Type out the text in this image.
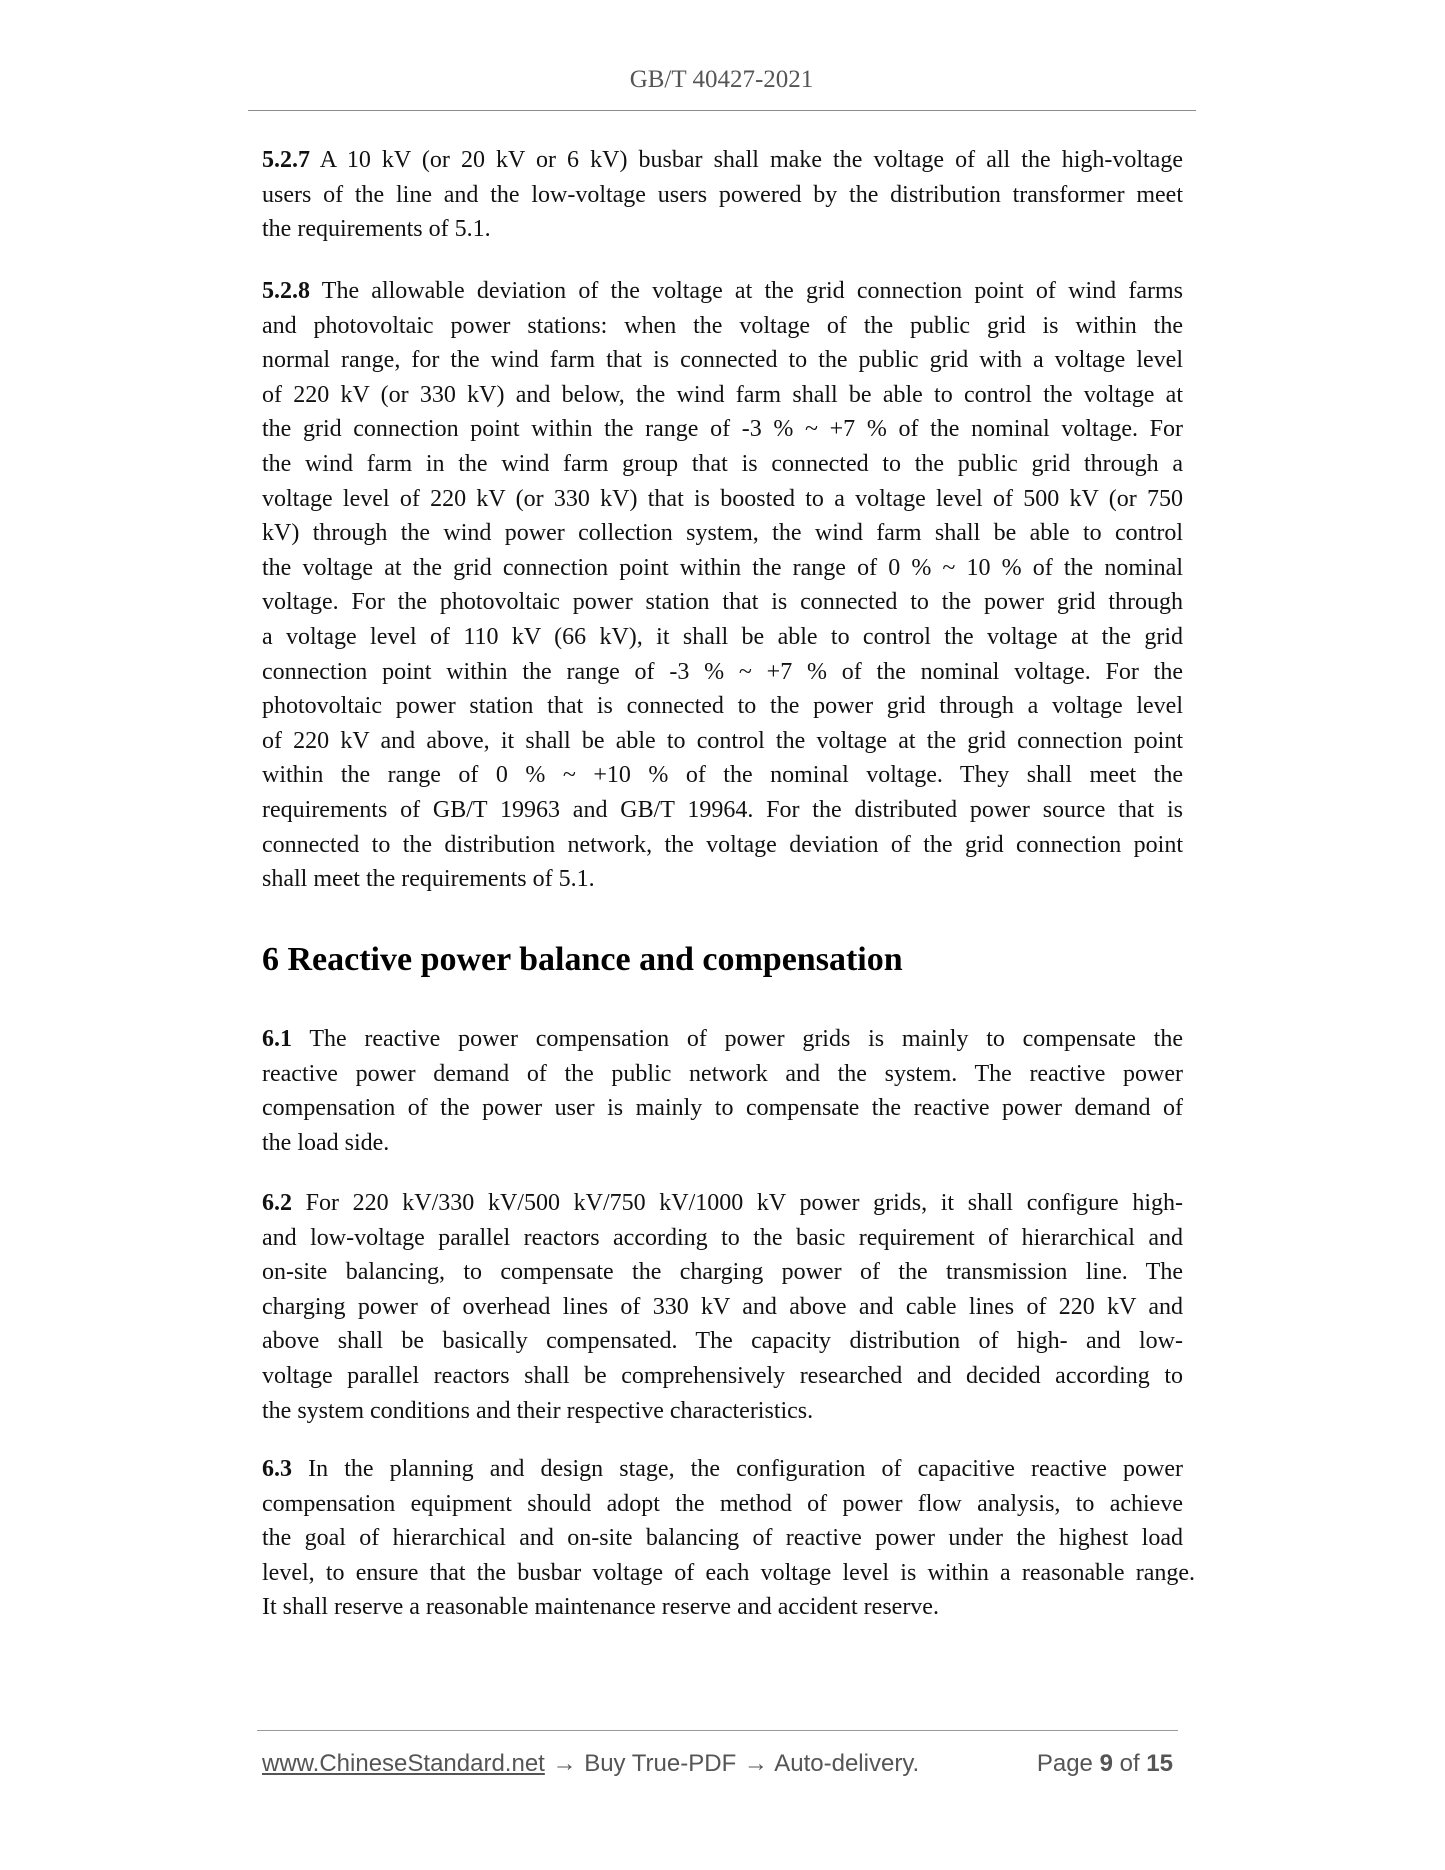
GB/T 40427-2021
5.2.7 A 10 kV (or 20 kV or 6 kV) busbar shall make the voltage of all the high-voltage
users of the line and the low-voltage users powered by the distribution transformer meet
the requirements of 5.1.
5.2.8 The allowable deviation of the voltage at the grid connection point of wind farms
and photovoltaic power stations: when the voltage of the public grid is within the
normal range, for the wind farm that is connected to the public grid with a voltage level
of 220 kV (or 330 kV) and below, the wind farm shall be able to control the voltage at
the grid connection point within the range of -3 % ~ +7 % of the nominal voltage. For
the wind farm in the wind farm group that is connected to the public grid through a
voltage level of 220 kV (or 330 kV) that is boosted to a voltage level of 500 kV (or 750
kV) through the wind power collection system, the wind farm shall be able to control
the voltage at the grid connection point within the range of 0 % ~ 10 % of the nominal
voltage. For the photovoltaic power station that is connected to the power grid through
a voltage level of 110 kV (66 kV), it shall be able to control the voltage at the grid
connection point within the range of -3 % ~ +7 % of the nominal voltage. For the
photovoltaic power station that is connected to the power grid through a voltage level
of 220 kV and above, it shall be able to control the voltage at the grid connection point
within the range of 0 % ~ +10 % of the nominal voltage. They shall meet the
requirements of GB/T 19963 and GB/T 19964. For the distributed power source that is
connected to the distribution network, the voltage deviation of the grid connection point
shall meet the requirements of 5.1.
6 Reactive power balance and compensation
6.1 The reactive power compensation of power grids is mainly to compensate the
reactive power demand of the public network and the system. The reactive power
compensation of the power user is mainly to compensate the reactive power demand of
the load side.
6.2 For 220 kV/330 kV/500 kV/750 kV/1000 kV power grids, it shall configure high-
and low-voltage parallel reactors according to the basic requirement of hierarchical and
on-site balancing, to compensate the charging power of the transmission line. The
charging power of overhead lines of 330 kV and above and cable lines of 220 kV and
above shall be basically compensated. The capacity distribution of high- and low-
voltage parallel reactors shall be comprehensively researched and decided according to
the system conditions and their respective characteristics.
6.3 In the planning and design stage, the configuration of capacitive reactive power
compensation equipment should adopt the method of power flow analysis, to achieve
the goal of hierarchical and on-site balancing of reactive power under the highest load
level, to ensure that the busbar voltage of each voltage level is within a reasonable range.
It shall reserve a reasonable maintenance reserve and accident reserve.
www.ChineseStandard.net → Buy True-PDF → Auto-delivery.	Page 9 of 15
